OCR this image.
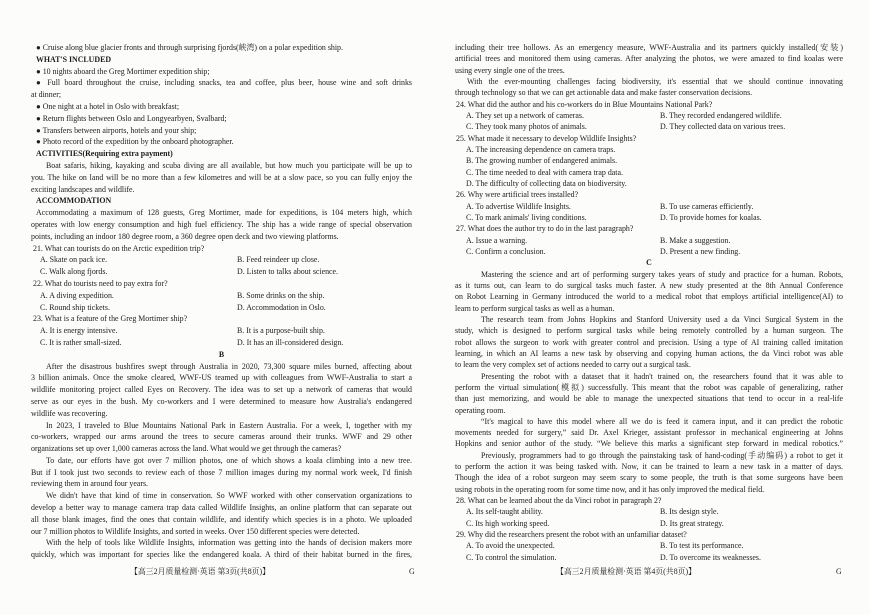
● Cruise along blue glacier fronts and through surprising fjords(峡湾) on a polar expedition ship.
WHAT'S INCLUDED
● 10 nights aboard the Greg Mortimer expedition ship;
● Full board throughout the cruise, including snacks, tea and coffee, plus beer, house wine and soft drinks
at dinner;
● One night at a hotel in Oslo with breakfast;
● Return flights between Oslo and Longyearbyen, Svalbard;
● Transfers between airports, hotels and your ship;
● Photo record of the expedition by the onboard photographer.
ACTIVITIES(Requiring extra payment)
Boat safaris, hiking, kayaking and scuba diving are all available, but how much you participate will be up to
you. The hike on land will be no more than a few kilometres and will be at a slow pace, so you can fully enjoy the
exciting landscapes and wildlife.
ACCOMMODATION
Accommodating a maximum of 128 guests, Greg Mortimer, made for expeditions, is 104 meters high, which
operates with low energy consumption and high fuel efficiency. The ship has a wide range of special observation
points, including an indoor 180 degree room, a 360 degree open deck and two viewing platforms.
21. What can tourists do on the Arctic expedition trip?
A. Skate on pack ice.	B. Feed reindeer up close.
C. Walk along fjords.	D. Listen to talks about science.
22. What do tourists need to pay extra for?
A. A diving expedition.	B. Some drinks on the ship.
C. Round ship tickets.	D. Accommodation in Oslo.
23. What is a feature of the Greg Mortimer ship?
A. It is energy intensive.	B. It is a purpose-built ship.
C. It is rather small-sized.	D. It has an ill-considered design.
B
After the disastrous bushfires swept through Australia in 2020, 73,300 square miles burned, affecting about
3 billion animals. Once the smoke cleared, WWF-US teamed up with colleagues from WWF-Australia to start a
wildlife monitoring project called Eyes on Recovery. The idea was to set up a network of cameras that would
serve as our eyes in the bush. My co-workers and I were determined to measure how Australia's endangered
wildlife was recovering.
In 2023, I traveled to Blue Mountains National Park in Eastern Australia. For a week, I, together with my
co-workers, wrapped our arms around the trees to secure cameras around their trunks. WWF and 29 other
organizations set up over 1,000 cameras across the land. What would we get through the cameras?
To date, our efforts have got over 7 million photos, one of which shows a koala climbing into a new tree.
But if I took just two seconds to review each of those 7 million images during my normal work week, I'd finish
reviewing them in around four years.
We didn't have that kind of time in conservation. So WWF worked with other conservation organizations to
develop a better way to manage camera trap data called Wildlife Insights, an online platform that can separate out
all those blank images, find the ones that contain wildlife, and identify which species is in a photo. We uploaded
our 7 million photos to Wildlife Insights, and sorted in weeks. Over 150 different species were detected.
With the help of tools like Wildlife Insights, information was getting into the hands of decision makers more
quickly, which was important for species like the endangered koala. A third of their habitat burned in the fires,
including their tree hollows. As an emergency measure, WWF-Australia and its partners quickly installed(安装)
artificial trees and monitored them using cameras. After analyzing the photos, we were amazed to find koalas were
using every single one of the trees.
With the ever-mounting challenges facing biodiversity, it's essential that we should continue innovating
through technology so that we can get actionable data and make faster conservation decisions.
24. What did the author and his co-workers do in Blue Mountains National Park?
A. They set up a network of cameras.	B. They recorded endangered wildlife.
C. They took many photos of animals.	D. They collected data on various trees.
25. What made it necessary to develop Wildlife Insights?
A. The increasing dependence on camera traps.
B. The growing number of endangered animals.
C. The time needed to deal with camera trap data.
D. The difficulty of collecting data on biodiversity.
26. Why were artificial trees installed?
A. To advertise Wildlife Insights.	B. To use cameras efficiently.
C. To mark animals' living conditions.	D. To provide homes for koalas.
27. What does the author try to do in the last paragraph?
A. Issue a warning.	B. Make a suggestion.
C. Confirm a conclusion.	D. Present a new finding.
C
Mastering the science and art of performing surgery takes years of study and practice for a human. Robots,
as it turns out, can learn to do surgical tasks much faster. A new study presented at the 8th Annual Conference
on Robot Learning in Germany introduced the world to a medical robot that employs artificial intelligence(AI) to
learn to perform surgical tasks as well as a human.
The research team from Johns Hopkins and Stanford University used a da Vinci Surgical System in the
study, which is designed to perform surgical tasks while being remotely controlled by a human surgeon. The
robot allows the surgeon to work with greater control and precision. Using a type of AI training called imitation
learning, in which an AI learns a new task by observing and copying human actions, the da Vinci robot was able
to learn the very complex set of actions needed to carry out a surgical task.
Presenting the robot with a dataset that it hadn't trained on, the researchers found that it was able to
perform the virtual simulation(模拟) successfully. This meant that the robot was capable of generalizing, rather
than just memorizing, and would be able to manage the unexpected situations that tend to occur in a real-life
operating room.
“It's magical to have this model where all we do is feed it camera input, and it can predict the robotic
movements needed for surgery,” said Dr. Axel Krieger, assistant professor in mechanical engineering at Johns
Hopkins and senior author of the study. “We believe this marks a significant step forward in medical robotics.”
Previously, programmers had to go through the painstaking task of hand-coding(手动编码) a robot to get it
to perform the action it was being tasked with. Now, it can be trained to learn a new task in a matter of days.
Though the idea of a robot surgeon may seem scary to some people, the truth is that some surgeons have been
using robots in the operating room for some time now, and it has only improved the medical field.
28. What can be learned about the da Vinci robot in paragraph 2?
A. Its self-taught ability.	B. Its design style.
C. Its high working speed.	D. Its great strategy.
29. Why did the researchers present the robot with an unfamiliar dataset?
A. To avoid the unexpected.	B. To test its performance.
C. To control the simulation.	D. To overcome its weaknesses.
【高三2月质量检测·英语 第3页(共8页)】	G	【高三2月质量检测·英语 第4页(共8页)】	G
